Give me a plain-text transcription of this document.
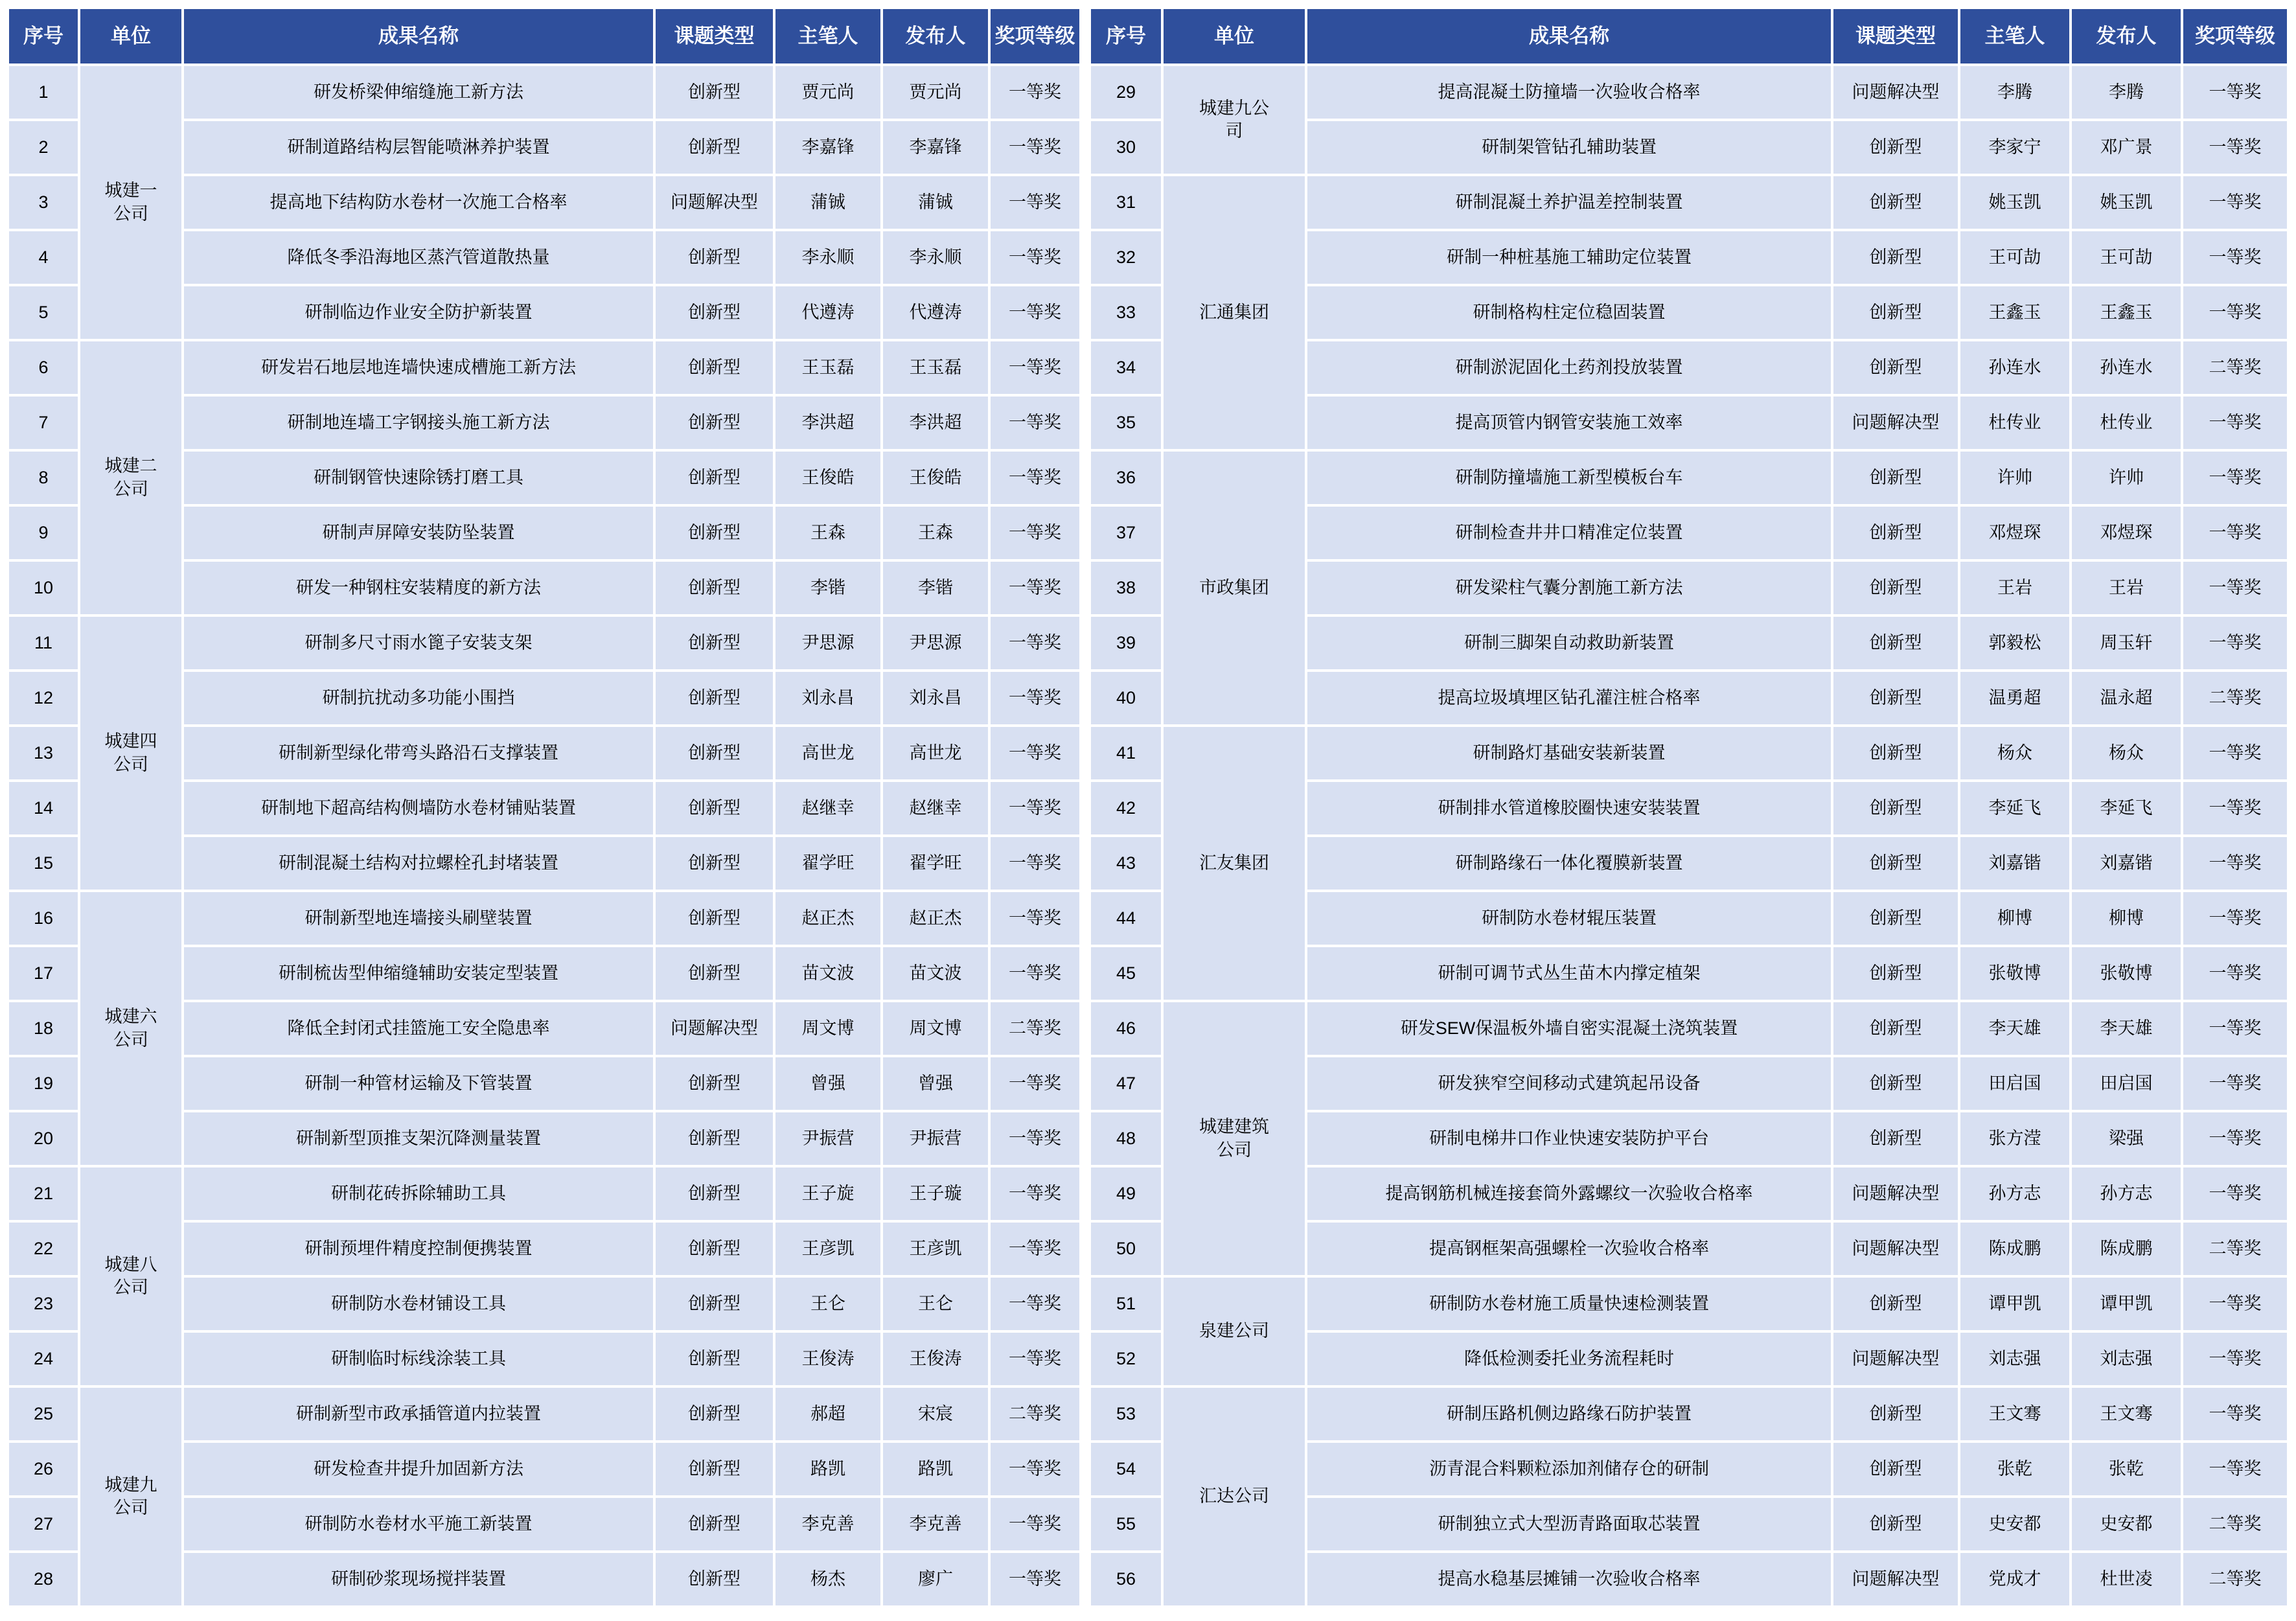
序号	单位	成果名称	课题类型	主笔人	发布人	奖项等级
1	城建一公司	研发桥梁伸缩缝施工新方法	创新型	贾元尚	贾元尚	一等奖
2		研制道路结构层智能喷淋养护装置	创新型	李嘉锋	李嘉锋	一等奖
3		提高地下结构防水卷材一次施工合格率	问题解决型	蒲铖	蒲铖	一等奖
4		降低冬季沿海地区蒸汽管道散热量	创新型	李永顺	李永顺	一等奖
5		研制临边作业安全防护新装置	创新型	代遵涛	代遵涛	一等奖
6	城建二公司	研发岩石地层地连墙快速成槽施工新方法	创新型	王玉磊	王玉磊	一等奖
7		研制地连墙工字钢接头施工新方法	创新型	李洪超	李洪超	一等奖
8		研制钢管快速除锈打磨工具	创新型	王俊皓	王俊皓	一等奖
9		研制声屏障安装防坠装置	创新型	王森	王森	一等奖
10		研发一种钢柱安装精度的新方法	创新型	李锴	李锴	一等奖
11	城建四公司	研制多尺寸雨水篦子安装支架	创新型	尹思源	尹思源	一等奖
12		研制抗扰动多功能小围挡	创新型	刘永昌	刘永昌	一等奖
13		研制新型绿化带弯头路沿石支撑装置	创新型	高世龙	高世龙	一等奖
14		研制地下超高结构侧墙防水卷材铺贴装置	创新型	赵继幸	赵继幸	一等奖
15		研制混凝土结构对拉螺栓孔封堵装置	创新型	翟学旺	翟学旺	一等奖
16	城建六公司	研制新型地连墙接头刷壁装置	创新型	赵正杰	赵正杰	一等奖
17		研制梳齿型伸缩缝辅助安装定型装置	创新型	苗文波	苗文波	一等奖
18		降低全封闭式挂篮施工安全隐患率	问题解决型	周文博	周文博	二等奖
19		研制一种管材运输及下管装置	创新型	曾强	曾强	一等奖
20		研制新型顶推支架沉降测量装置	创新型	尹振营	尹振营	一等奖
21	城建八公司	研制花砖拆除辅助工具	创新型	王子旋	王子璇	一等奖
22		研制预埋件精度控制便携装置	创新型	王彦凯	王彦凯	一等奖
23		研制防水卷材铺设工具	创新型	王仑	王仑	一等奖
24		研制临时标线涂装工具	创新型	王俊涛	王俊涛	一等奖
25	城建九公司	研制新型市政承插管道内拉装置	创新型	郝超	宋宸	二等奖
26		研发检查井提升加固新方法	创新型	路凯	路凯	一等奖
27		研制防水卷材水平施工新装置	创新型	李克善	李克善	一等奖
28		研制砂浆现场搅拌装置	创新型	杨杰	廖广	一等奖
序号	单位	成果名称	课题类型	主笔人	发布人	奖项等级
29	城建九公司	提高混凝土防撞墙一次验收合格率	问题解决型	李腾	李腾	一等奖
30		研制架管钻孔辅助装置	创新型	李家宁	邓广景	一等奖
31	汇通集团	研制混凝土养护温差控制装置	创新型	姚玉凯	姚玉凯	一等奖
32		研制一种桩基施工辅助定位装置	创新型	王可劼	王可劼	一等奖
33		研制格构柱定位稳固装置	创新型	王鑫玉	王鑫玉	一等奖
34		研制淤泥固化土药剂投放装置	创新型	孙连水	孙连水	二等奖
35		提高顶管内钢管安装施工效率	问题解决型	杜传业	杜传业	一等奖
36	市政集团	研制防撞墙施工新型模板台车	创新型	许帅	许帅	一等奖
37		研制检查井井口精准定位装置	创新型	邓煜琛	邓煜琛	一等奖
38		研发梁柱气囊分割施工新方法	创新型	王岩	王岩	一等奖
39		研制三脚架自动救助新装置	创新型	郭毅松	周玉轩	一等奖
40		提高垃圾填埋区钻孔灌注桩合格率	创新型	温勇超	温永超	二等奖
41	汇友集团	研制路灯基础安装新装置	创新型	杨众	杨众	一等奖
42		研制排水管道橡胶圈快速安装装置	创新型	李延飞	李延飞	一等奖
43		研制路缘石一体化覆膜新装置	创新型	刘嘉锴	刘嘉锴	一等奖
44		研制防水卷材辊压装置	创新型	柳博	柳博	一等奖
45		研制可调节式丛生苗木内撑定植架	创新型	张敬博	张敬博	一等奖
46	城建建筑公司	研发SEW保温板外墙自密实混凝土浇筑装置	创新型	李天雄	李天雄	一等奖
47		研发狭窄空间移动式建筑起吊设备	创新型	田启国	田启国	一等奖
48		研制电梯井口作业快速安装防护平台	创新型	张方滢	梁强	一等奖
49		提高钢筋机械连接套筒外露螺纹一次验收合格率	问题解决型	孙方志	孙方志	一等奖
50		提高钢框架高强螺栓一次验收合格率	问题解决型	陈成鹏	陈成鹏	二等奖
51	泉建公司	研制防水卷材施工质量快速检测装置	创新型	谭甲凯	谭甲凯	一等奖
52		降低检测委托业务流程耗时	问题解决型	刘志强	刘志强	一等奖
53	汇达公司	研制压路机侧边路缘石防护装置	创新型	王文骞	王文骞	一等奖
54		沥青混合料颗粒添加剂储存仓的研制	创新型	张乾	张乾	一等奖
55		研制独立式大型沥青路面取芯装置	创新型	史安都	史安都	二等奖
56		提高水稳基层摊铺一次验收合格率	问题解决型	党成才	杜世凌	二等奖
